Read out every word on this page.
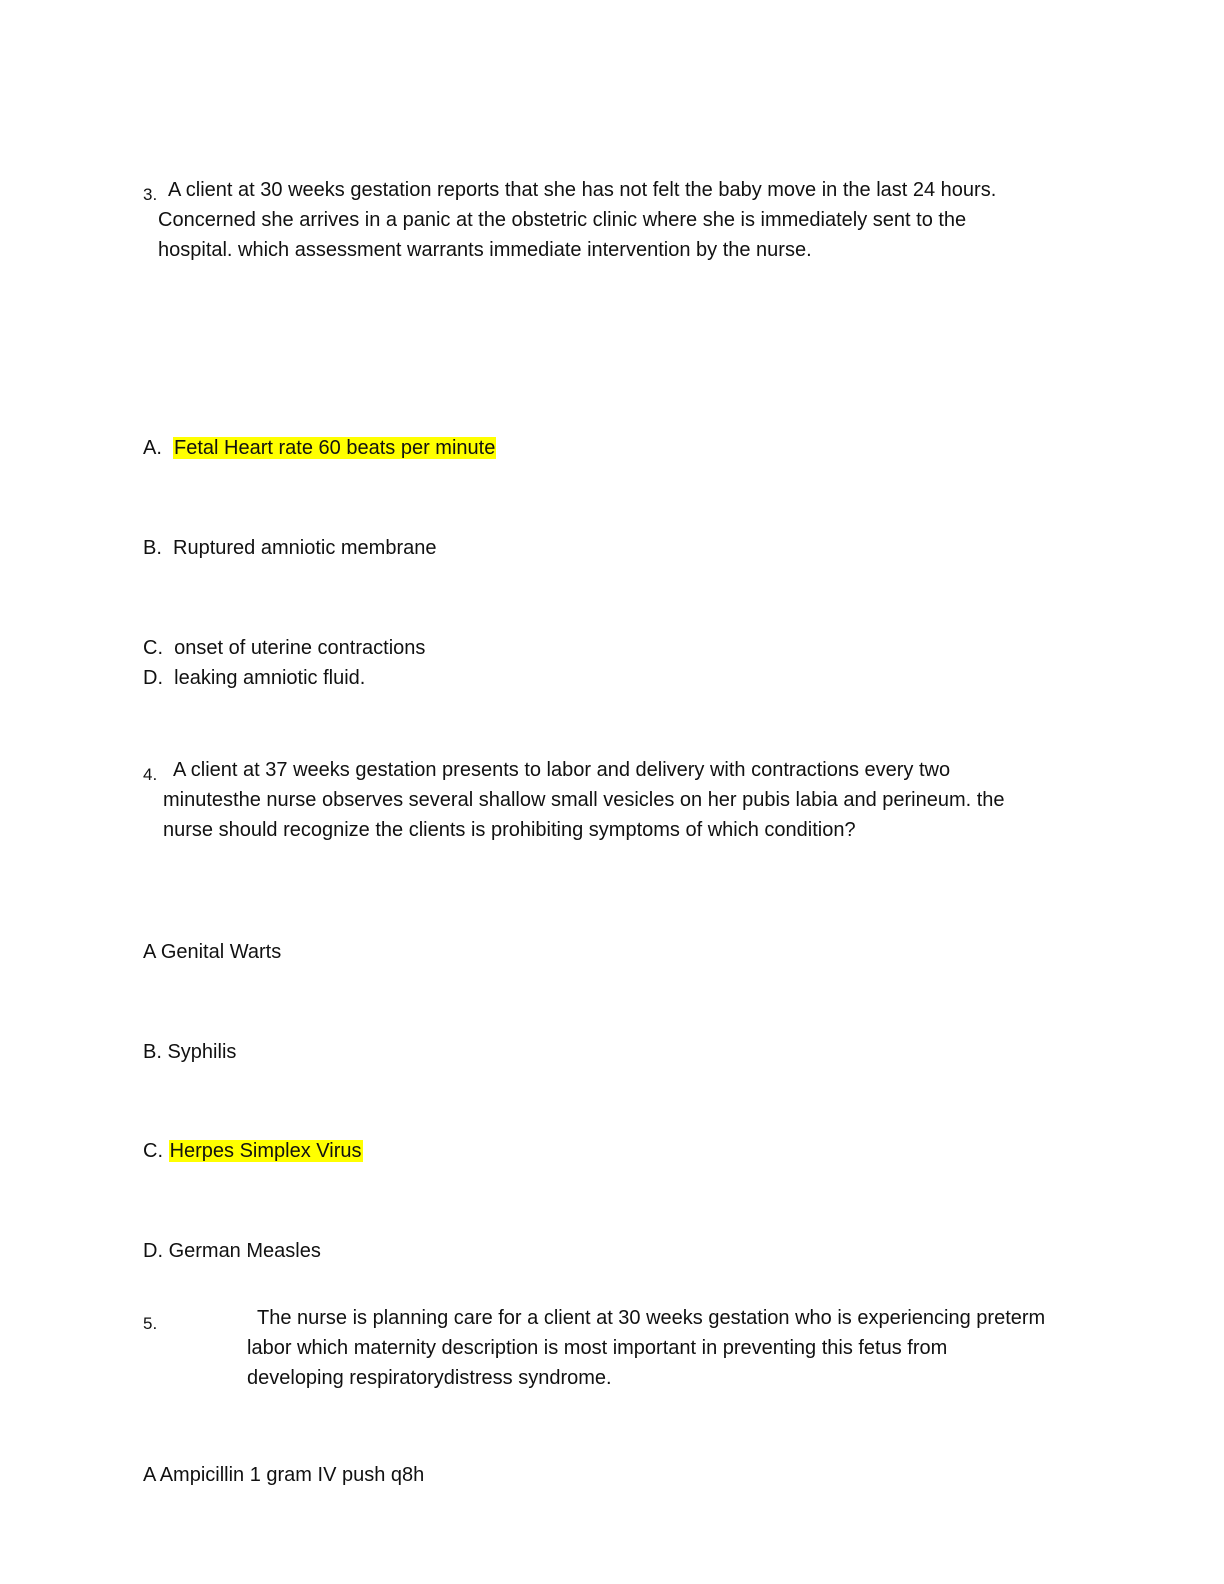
3. A client at 30 weeks gestation reports that she has not felt the baby move in the last 24 hours. Concerned she arrives in a panic at the obstetric clinic where she is immediately sent to the hospital. which assessment warrants immediate intervention by the nurse.
A. Fetal Heart rate 60 beats per minute
B. Ruptured amniotic membrane
C. onset of uterine contractions
D. leaking amniotic fluid.
4. A client at 37 weeks gestation presents to labor and delivery with contractions every two minutesthe nurse observes several shallow small vesicles on her pubis labia and perineum. the nurse should recognize the clients is prohibiting symptoms of which condition?
A Genital Warts
B. Syphilis
C. Herpes Simplex Virus
D. German Measles
5.	The nurse is planning care for a client at 30 weeks gestation who is experiencing preterm labor which maternity description is most important in preventing this fetus from developing respiratorydistress syndrome.
A Ampicillin 1 gram IV push q8h
